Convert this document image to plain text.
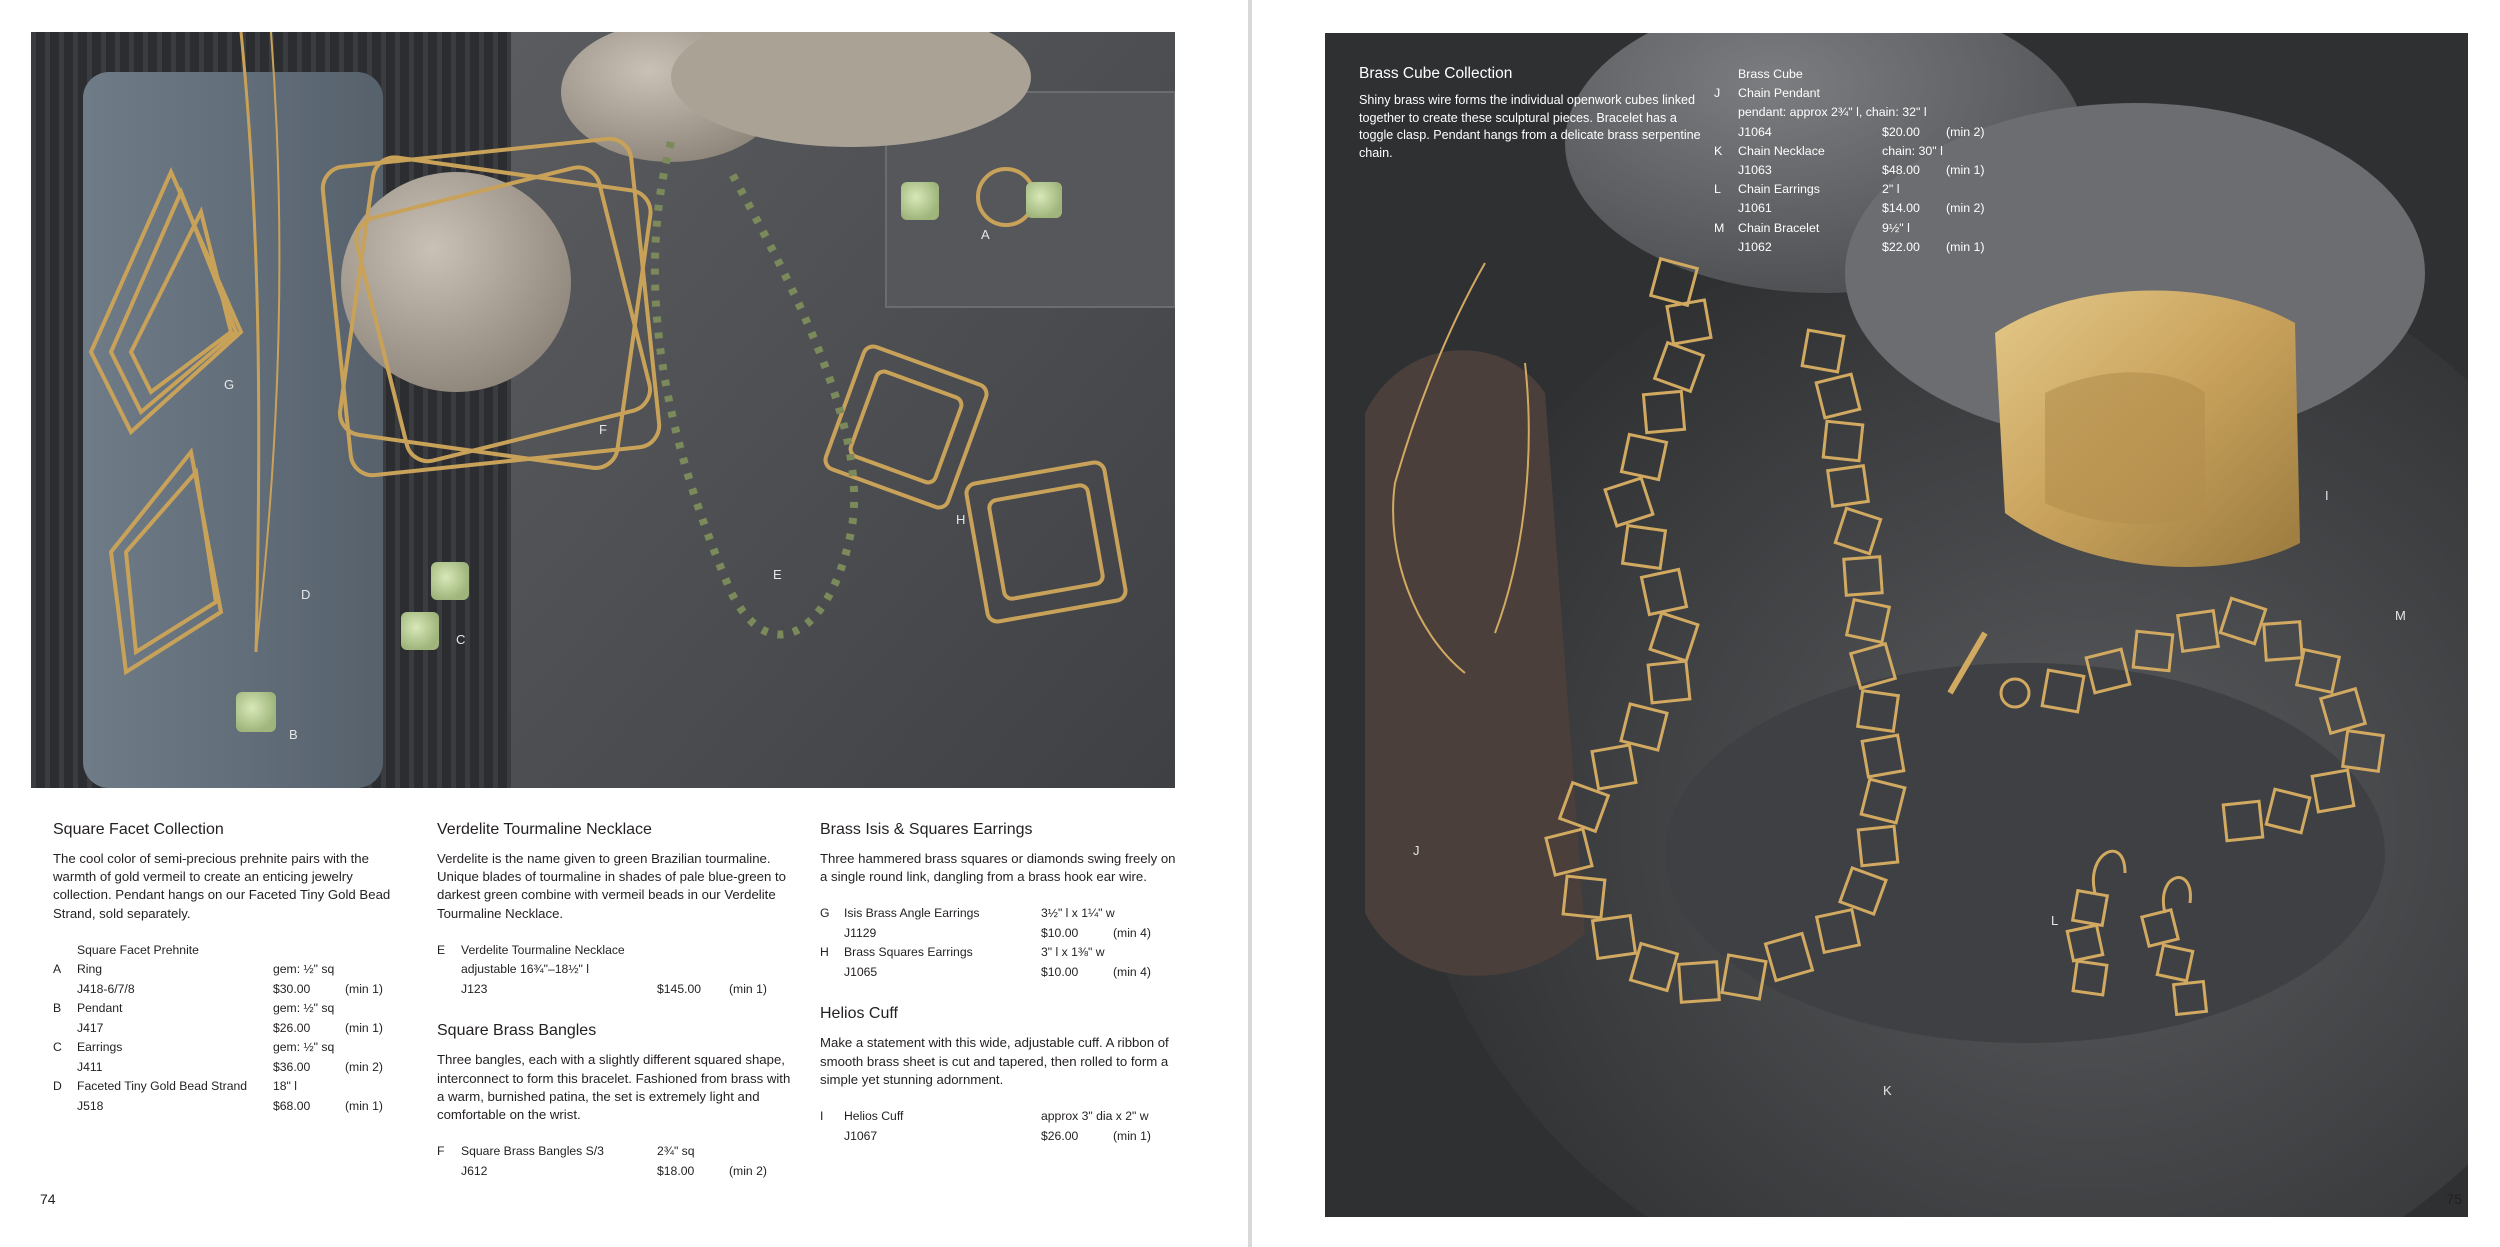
A
B
C
D
E
F
G
H
Square Facet Collection

The cool color of semi-precious prehnite pairs with the warmth of gold vermeil to create an enticing jewelry collection. Pendant hangs on our Faceted Tiny Gold Bead Strand, sold separately.

	Square Facet Prehnite		
A	Ring	gem: ½" sq	
	J418-6/7/8	$30.00	(min 1)
B	Pendant	gem: ½" sq	
	J417	$26.00	(min 1)
C	Earrings	gem: ½" sq	
	J411	$36.00	(min 2)
D	Faceted Tiny Gold Bead Strand	18" l	
	J518	$68.00	(min 1)
Verdelite Tourmaline Necklace

Verdelite is the name given to green Brazilian tourmaline. Unique blades of tourmaline in shades of pale blue-green to darkest green combine with vermeil beads in our Verdelite Tourmaline Necklace.

E	Verdelite Tourmaline Necklace		
	adjustable 16¾"–18½" l		
	J123	$145.00	(min 1)
Square Brass Bangles

Three bangles, each with a slightly different squared shape, interconnect to form this bracelet. Fashioned from brass with a warm, burnished patina, the set is extremely light and comfortable on the wrist.

F	Square Brass Bangles S/3	2¾" sq	
	J612	$18.00	(min 2)
Brass Isis & Squares Earrings

Three hammered brass squares or diamonds swing freely on a single round link, dangling from a brass hook ear wire.

G	Isis Brass Angle Earrings	3½" l x 1¼" w	
	J1129	$10.00	(min 4)
H	Brass Squares Earrings	3" l x 1⅜" w	
	J1065	$10.00	(min 4)
Helios Cuff

Make a statement with this wide, adjustable cuff. A ribbon of smooth brass sheet is cut and tapered, then rolled to form a simple yet stunning adornment.

I	Helios Cuff	approx 3" dia x 2" w	
	J1067	$26.00	(min 1)
74
I
J
K
L
M
Brass Cube Collection

Shiny brass wire forms the individual openwork cubes linked together to create these sculptural pieces. Bracelet has a toggle clasp. Pendant hangs from a delicate brass serpentine chain.

	Brass Cube		
J	Chain Pendant		
	pendant: approx 2¾" l, chain: 32" l		
	J1064	$20.00	(min 2)
K	Chain Necklace	chain: 30" l	
	J1063	$48.00	(min 1)
L	Chain Earrings	2" l	
	J1061	$14.00	(min 2)
M	Chain Bracelet	9½" l	
	J1062	$22.00	(min 1)
75
